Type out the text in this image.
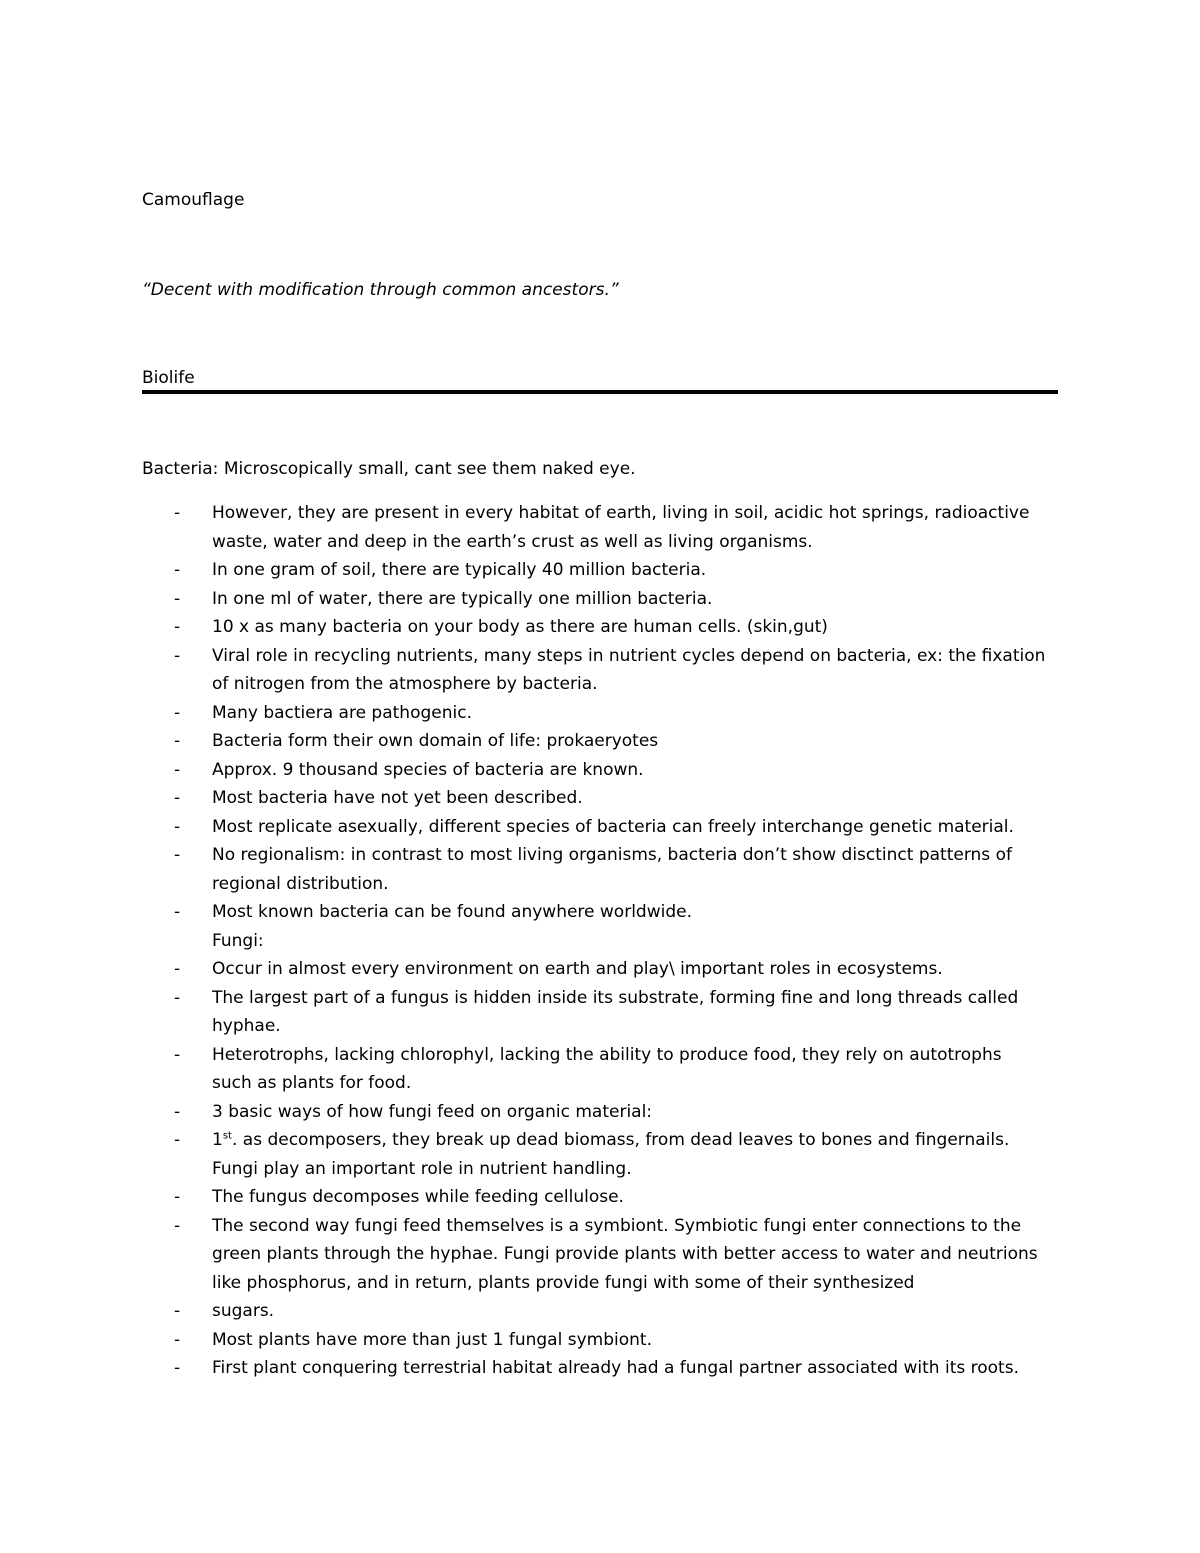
Camouflage
“Decent with modification through common ancestors.”
Biolife
Bacteria: Microscopically small, cant see them naked eye.
- However, they are present in every habitat of earth, living in soil, acidic hot springs, radioactive
waste, water and deep in the earth’s crust as well as living organisms.
- In one gram of soil, there are typically 40 million bacteria.
- In one ml of water, there are typically one million bacteria.
- 10 x as many bacteria on your body as there are human cells. (skin,gut)
- Viral role in recycling nutrients, many steps in nutrient cycles depend on bacteria, ex: the fixation
of nitrogen from the atmosphere by bacteria.
- Many bactiera are pathogenic.
- Bacteria form their own domain of life: prokaeryotes
- Approx. 9 thousand species of bacteria are known.
- Most bacteria have not yet been described.
- Most replicate asexually, different species of bacteria can freely interchange genetic material.
- No regionalism: in contrast to most living organisms, bacteria don’t show disctinct patterns of
regional distribution.
- Most known bacteria can be found anywhere worldwide.
Fungi:
- Occur in almost every environment on earth and play\ important roles in ecosystems.
- The largest part of a fungus is hidden inside its substrate, forming fine and long threads called
hyphae.
- Heterotrophs, lacking chlorophyl, lacking the ability to produce food, they rely on autotrophs
such as plants for food.
- 3 basic ways of how fungi feed on organic material:
- 1st. as decomposers, they break up dead biomass, from dead leaves to bones and fingernails.
Fungi play an important role in nutrient handling.
- The fungus decomposes while feeding cellulose.
- The second way fungi feed themselves is a symbiont. Symbiotic fungi enter connections to the
green plants through the hyphae. Fungi provide plants with better access to water and neutrions
like phosphorus, and in return, plants provide fungi with some of their synthesized
- sugars.
- Most plants have more than just 1 fungal symbiont.
- First plant conquering terrestrial habitat already had a fungal partner associated with its roots.
